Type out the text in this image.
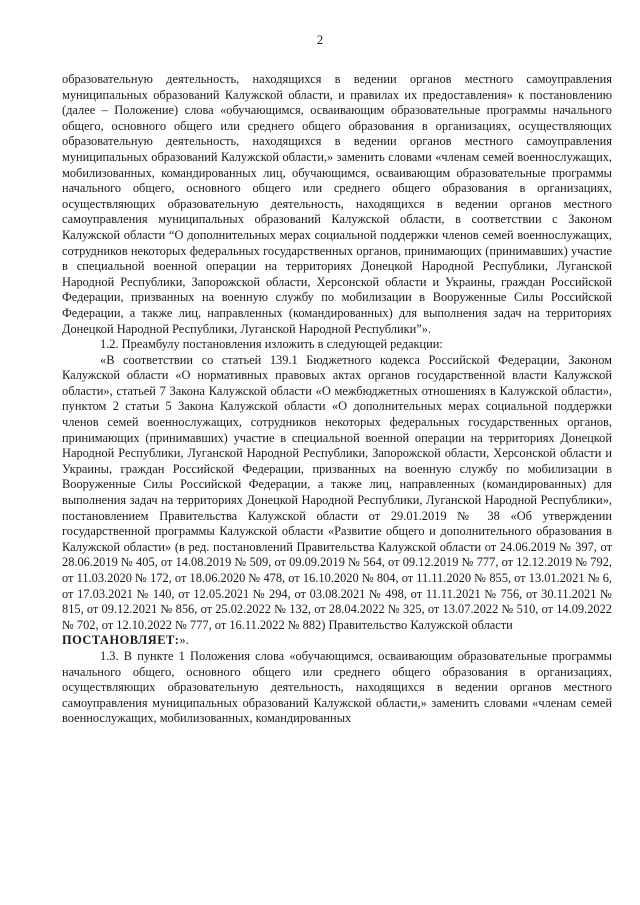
2

образовательную деятельность, находящихся в ведении органов местного самоуправления муниципальных образований Калужской области, и правилах их предоставления» к постановлению (далее – Положение) слова «обучающимся, осваивающим образовательные программы начального общего, основного общего или среднего общего образования в организациях, осуществляющих образовательную деятельность, находящихся в ведении органов местного самоуправления муниципальных образований Калужской области,» заменить словами «членам семей военнослужащих, мобилизованных, командированных лиц, обучающимся, осваивающим образовательные программы начального общего, основного общего или среднего общего образования в организациях, осуществляющих образовательную деятельность, находящихся в ведении органов местного самоуправления муниципальных образований Калужской области, в соответствии с Законом Калужской области “О дополнительных мерах социальной поддержки членов семей военнослужащих, сотрудников некоторых федеральных государственных органов, принимающих (принимавших) участие в специальной военной операции на территориях Донецкой Народной Республики, Луганской Народной Республики, Запорожской области, Херсонской области и Украины, граждан Российской Федерации, призванных на военную службу по мобилизации в Вооруженные Силы Российской Федерации, а также лиц, направленных (командированных) для выполнения задач на территориях Донецкой Народной Республики, Луганской Народной Республики”».

1.2. Преамбулу постановления изложить в следующей редакции:

«В соответствии со статьей 139.1 Бюджетного кодекса Российской Федерации, Законом Калужской области «О нормативных правовых актах органов государственной власти Калужской области», статьей 7 Закона Калужской области «О межбюджетных отношениях в Калужской области», пунктом 2 статьи 5 Закона Калужской области «О дополнительных мерах социальной поддержки членов семей военнослужащих, сотрудников некоторых федеральных государственных органов, принимающих (принимавших) участие в специальной военной операции на территориях Донецкой Народной Республики, Луганской Народной Республики, Запорожской области, Херсонской области и Украины, граждан Российской Федерации, призванных на военную службу по мобилизации в Вооруженные Силы Российской Федерации, а также лиц, направленных (командированных) для выполнения задач на территориях Донецкой Народной Республики, Луганской Народной Республики», постановлением Правительства Калужской области от 29.01.2019 № 38 «Об утверждении государственной программы Калужской области «Развитие общего и дополнительного образования в Калужской области» (в ред. постановлений Правительства Калужской области от 24.06.2019 № 397, от 28.06.2019 № 405, от 14.08.2019 № 509, от 09.09.2019 № 564, от 09.12.2019 № 777, от 12.12.2019 № 792, от 11.03.2020 № 172, от 18.06.2020 № 478, от 16.10.2020 № 804, от 11.11.2020 № 855, от 13.01.2021 № 6, от 17.03.2021 № 140, от 12.05.2021 № 294, от 03.08.2021 № 498, от 11.11.2021 № 756, от 30.11.2021 № 815, от 09.12.2021 № 856, от 25.02.2022 № 132, от 28.04.2022 № 325, от 13.07.2022 № 510, от 14.09.2022 № 702, от 12.10.2022 № 777, от 16.11.2022 № 882) Правительство Калужской области
ПОСТАНОВЛЯЕТ:».

1.3. В пункте 1 Положения слова «обучающимся, осваивающим образовательные программы начального общего, основного общего или среднего общего образования в организациях, осуществляющих образовательную деятельность, находящихся в ведении органов местного самоуправления муниципальных образований Калужской области,» заменить словами «членам семей военнослужащих, мобилизованных, командированных
